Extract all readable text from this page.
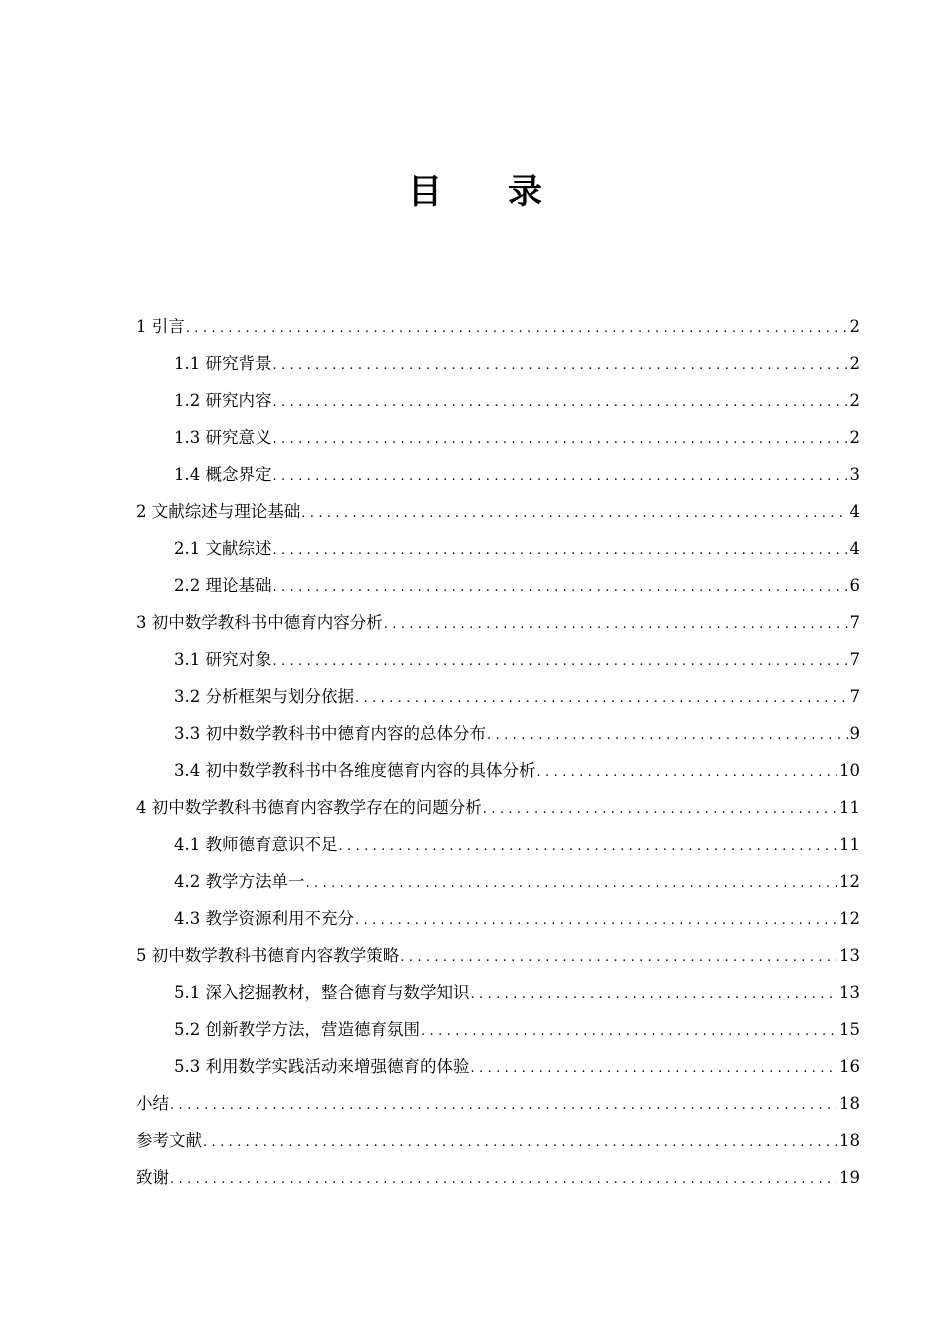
目录
1 引言 .....	2
1.1 研究背景 .....	2
1.2 研究内容 .....	2
1.3 研究意义 .....	2
1.4 概念界定 .....	3
2 文献综述与理论基础 .....	4
2.1 文献综述 .....	4
2.2 理论基础 .....	6
3 初中数学教科书中德育内容分析 .....	7
3.1 研究对象 .....	7
3.2 分析框架与划分依据 .....	7
3.3 初中数学教科书中德育内容的总体分布 .....	9
3.4 初中数学教科书中各维度德育内容的具体分析 .....	10
4 初中数学教科书德育内容教学存在的问题分析 .....	11
4.1 教师德育意识不足 .....	11
4.2 教学方法单一 .....	12
4.3 教学资源利用不充分 .....	12
5 初中数学教科书德育内容教学策略 .....	13
5.1 深入挖掘教材，整合德育与数学知识 .....	13
5.2 创新教学方法，营造德育氛围 .....	15
5.3 利用数学实践活动来增强德育的体验 .....	16
小结 .....	18
参考文献 .....	18
致谢 .....	19
